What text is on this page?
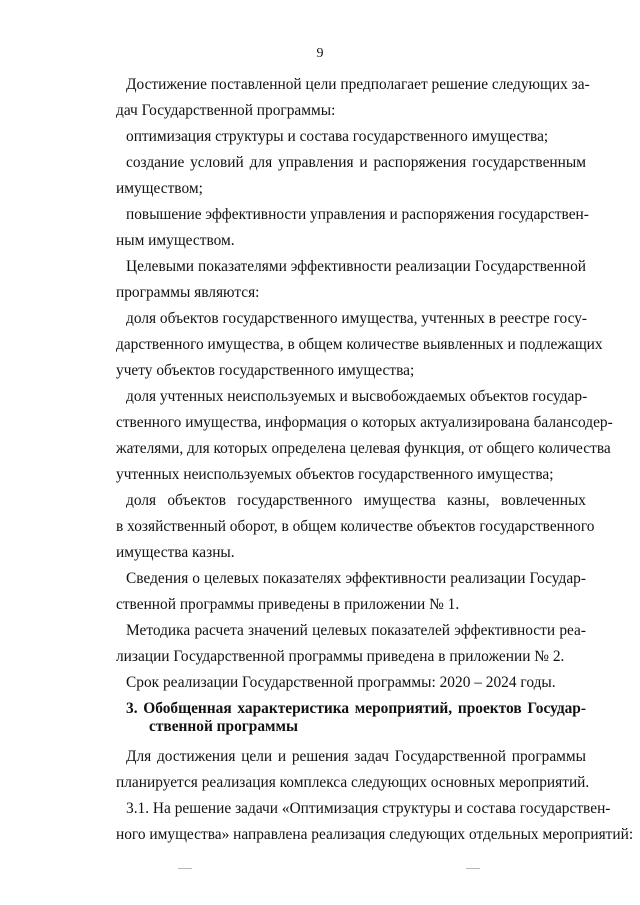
9
Достижение поставленной цели предполагает решение следующих за-
дач Государственной программы:
оптимизация структуры и состава государственного имущества;
создание условий для управления и распоряжения государственным
имуществом;
повышение эффективности управления и распоряжения государствен-
ным имуществом.
Целевыми показателями эффективности реализации Государственной
программы являются:
доля объектов государственного имущества, учтенных в реестре госу-
дарственного имущества, в общем количестве выявленных и подлежащих
учету объектов государственного имущества;
доля учтенных неиспользуемых и высвобождаемых объектов государ-
ственного имущества, информация о которых актуализирована балансодер-
жателями, для которых определена целевая функция, от общего количества
учтенных неиспользуемых объектов государственного имущества;
доля объектов государственного имущества казны, вовлеченных
в хозяйственный оборот, в общем количестве объектов государственного
имущества казны.
Сведения о целевых показателях эффективности реализации Государ-
ственной программы приведены в приложении № 1.
Методика расчета значений целевых показателей эффективности реа-
лизации Государственной программы приведена в приложении № 2.
Срок реализации Государственной программы: 2020 – 2024 годы.
3. Обобщенная характеристика мероприятий, проектов Государ-
ственной программы
Для достижения цели и решения задач Государственной программы
планируется реализация комплекса следующих основных мероприятий.
3.1. На решение задачи «Оптимизация структуры и состава государствен-
ного имущества» направлена реализация следующих отдельных мероприятий:
